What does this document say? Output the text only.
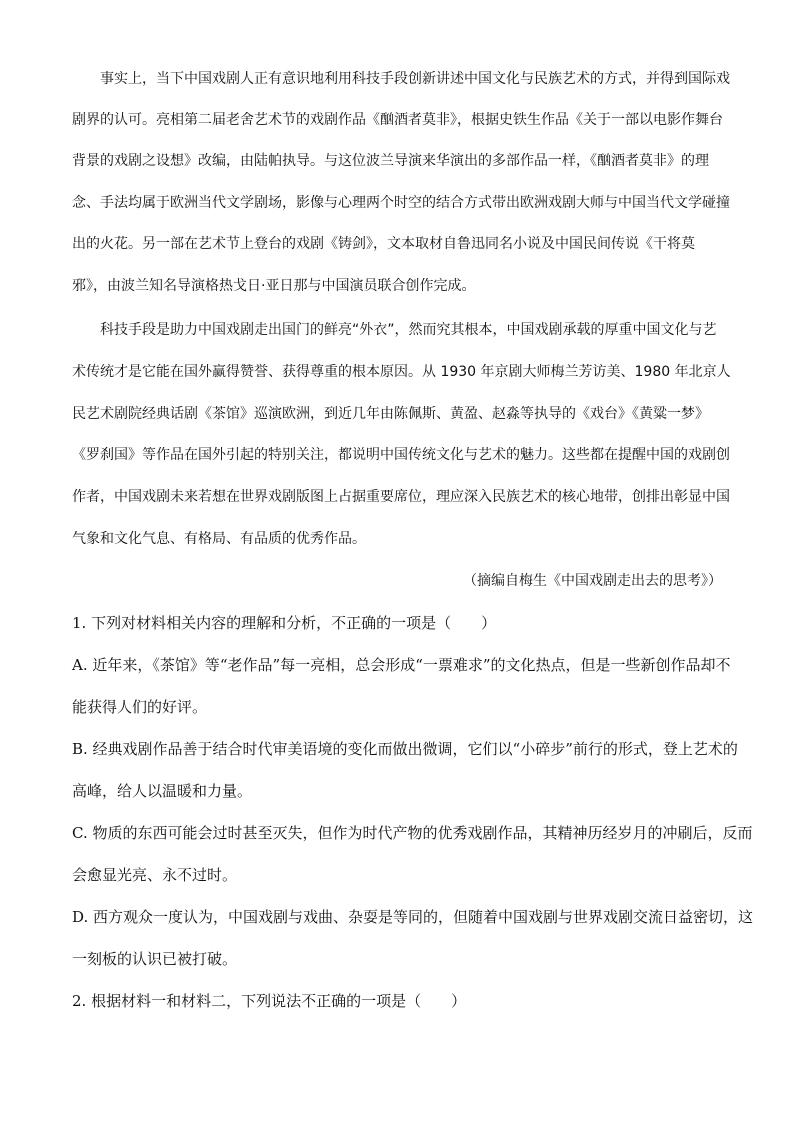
事实上，当下中国戏剧人正有意识地利用科技手段创新讲述中国文化与民族艺术的方式，并得到国际戏
剧界的认可。亮相第二届老舍艺术节的戏剧作品《酗酒者莫非》，根据史铁生作品《关于一部以电影作舞台
背景的戏剧之设想》改编，由陆帕执导。与这位波兰导演来华演出的多部作品一样，《酗酒者莫非》的理
念、手法均属于欧洲当代文学剧场，影像与心理两个时空的结合方式带出欧洲戏剧大师与中国当代文学碰撞
出的火花。另一部在艺术节上登台的戏剧《铸剑》，文本取材自鲁迅同名小说及中国民间传说《干将莫
邪》，由波兰知名导演格热戈日·亚日那与中国演员联合创作完成。
科技手段是助力中国戏剧走出国门的鲜亮“外衣”，然而究其根本，中国戏剧承载的厚重中国文化与艺
术传统才是它能在国外赢得赞誉、获得尊重的根本原因。从 1930 年京剧大师梅兰芳访美、1980 年北京人
民艺术剧院经典话剧《茶馆》巡演欧洲，到近几年由陈佩斯、黄盈、赵淼等执导的《戏台》《黄粱一梦》
《罗刹国》等作品在国外引起的特别关注，都说明中国传统文化与艺术的魅力。这些都在提醒中国的戏剧创
作者，中国戏剧未来若想在世界戏剧版图上占据重要席位，理应深入民族艺术的核心地带，创排出彰显中国
气象和文化气息、有格局、有品质的优秀作品。
（摘编自梅生《中国戏剧走出去的思考》）
1. 下列对材料相关内容的理解和分析，不正确的一项是（　　）
A. 近年来，《茶馆》等“老作品”每一亮相，总会形成“一票难求”的文化热点，但是一些新创作品却不
能获得人们的好评。
B. 经典戏剧作品善于结合时代审美语境的变化而做出微调，它们以“小碎步”前行的形式，登上艺术的
高峰，给人以温暖和力量。
C. 物质的东西可能会过时甚至灭失，但作为时代产物的优秀戏剧作品，其精神历经岁月的冲刷后，反而
会愈显光亮、永不过时。
D. 西方观众一度认为，中国戏剧与戏曲、杂耍是等同的，但随着中国戏剧与世界戏剧交流日益密切，这
一刻板的认识已被打破。
2. 根据材料一和材料二，下列说法不正确的一项是（　　）
